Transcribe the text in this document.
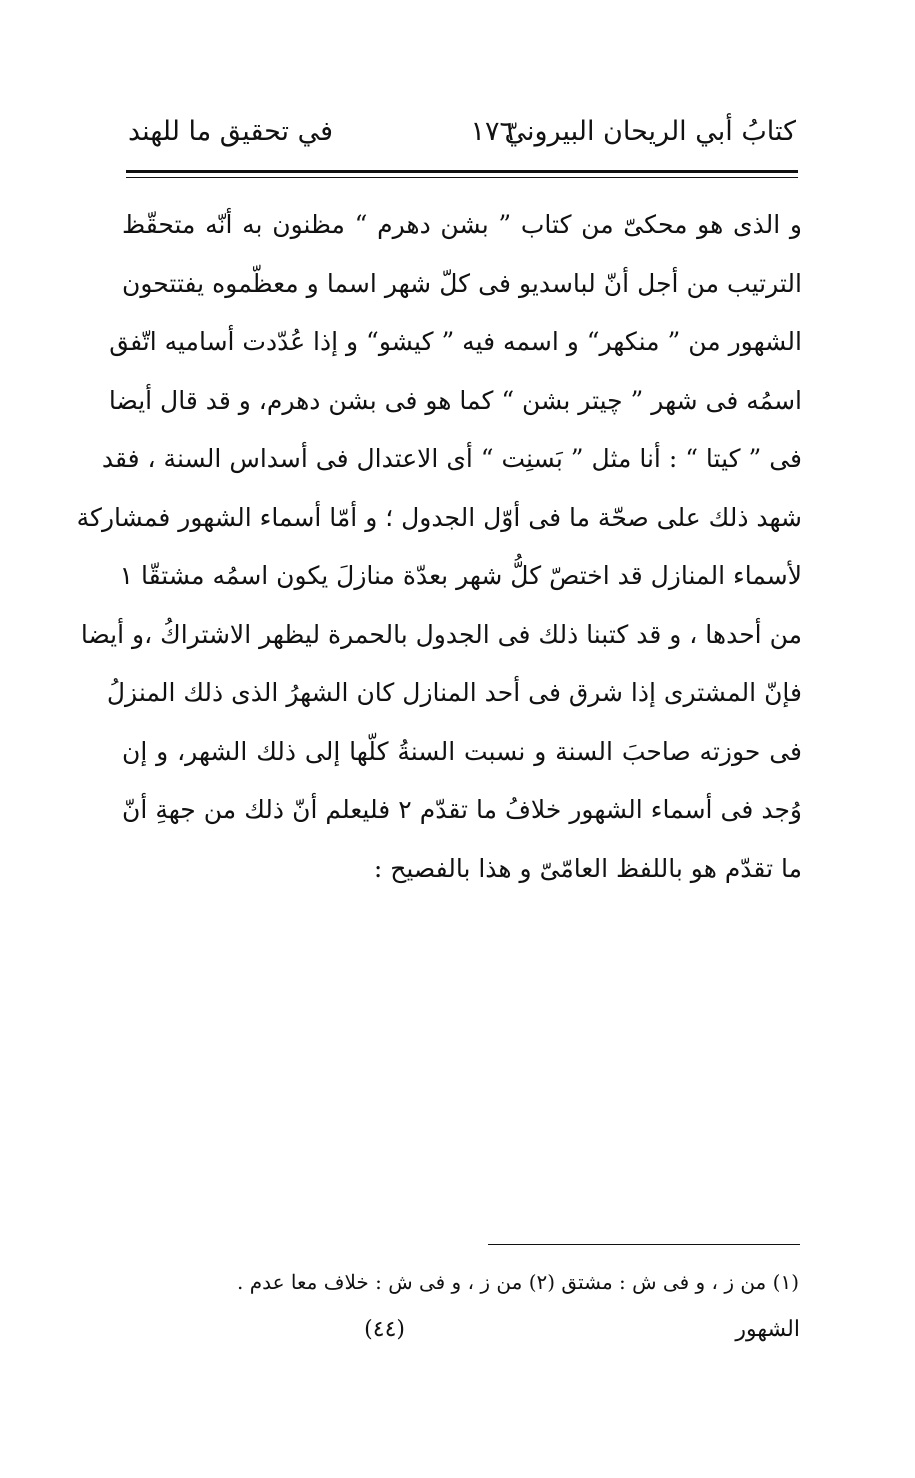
كتابُ أبي الريحان البيرونيّ
١٧٦
في تحقيق ما للهند
و الذى هو محكىّ من كتاب ” بشن دهرم “ مظنون به أنّه متحقّظ
الترتيب من أجل أنّ لباسديو فى كلّ شهر اسما و معظّموه يفتتحون
الشهور من ” منكهر“ و اسمه فيه ” كيشو“ و إذا عُدّدت أساميه اتّفق
اسمُه فى شهر ” چيتر بشن “ كما هو فى بشن دهرم، و قد قال أيضا
فى ” كيتا “ : أنا مثل ” بَسنِت “ أى الاعتدال فى أسداس السنة ، فقد
شهد ذلك على صحّة ما فى أوّل الجدول ؛ و أمّا أسماء الشهور فمشاركة
لأسماء المنازل قد اختصّ كلُّ شهر بعدّة منازلَ يكون اسمُه مشتقّا ١
من أحدها ، و قد كتبنا ذلك فى الجدول بالحمرة ليظهر الاشتراكُ ،و أيضا
فإنّ المشترى إذا شرق فى أحد المنازل كان الشهرُ الذى ذلك المنزلُ
فى حوزته صاحبَ السنة و نسبت السنةُ كلّها إلى ذلك الشهر، و إن
وُجد فى أسماء الشهور خلافُ ما تقدّم ٢ فليعلم أنّ ذلك من جهةِ أنّ
ما تقدّم هو باللفظ العامّىّ و هذا بالفصيح :
(١) من ز ، و فى ش : مشتق (٢) من ز ، و فى ش : خلاف معا عدم .
الشهور
(٤٤)
